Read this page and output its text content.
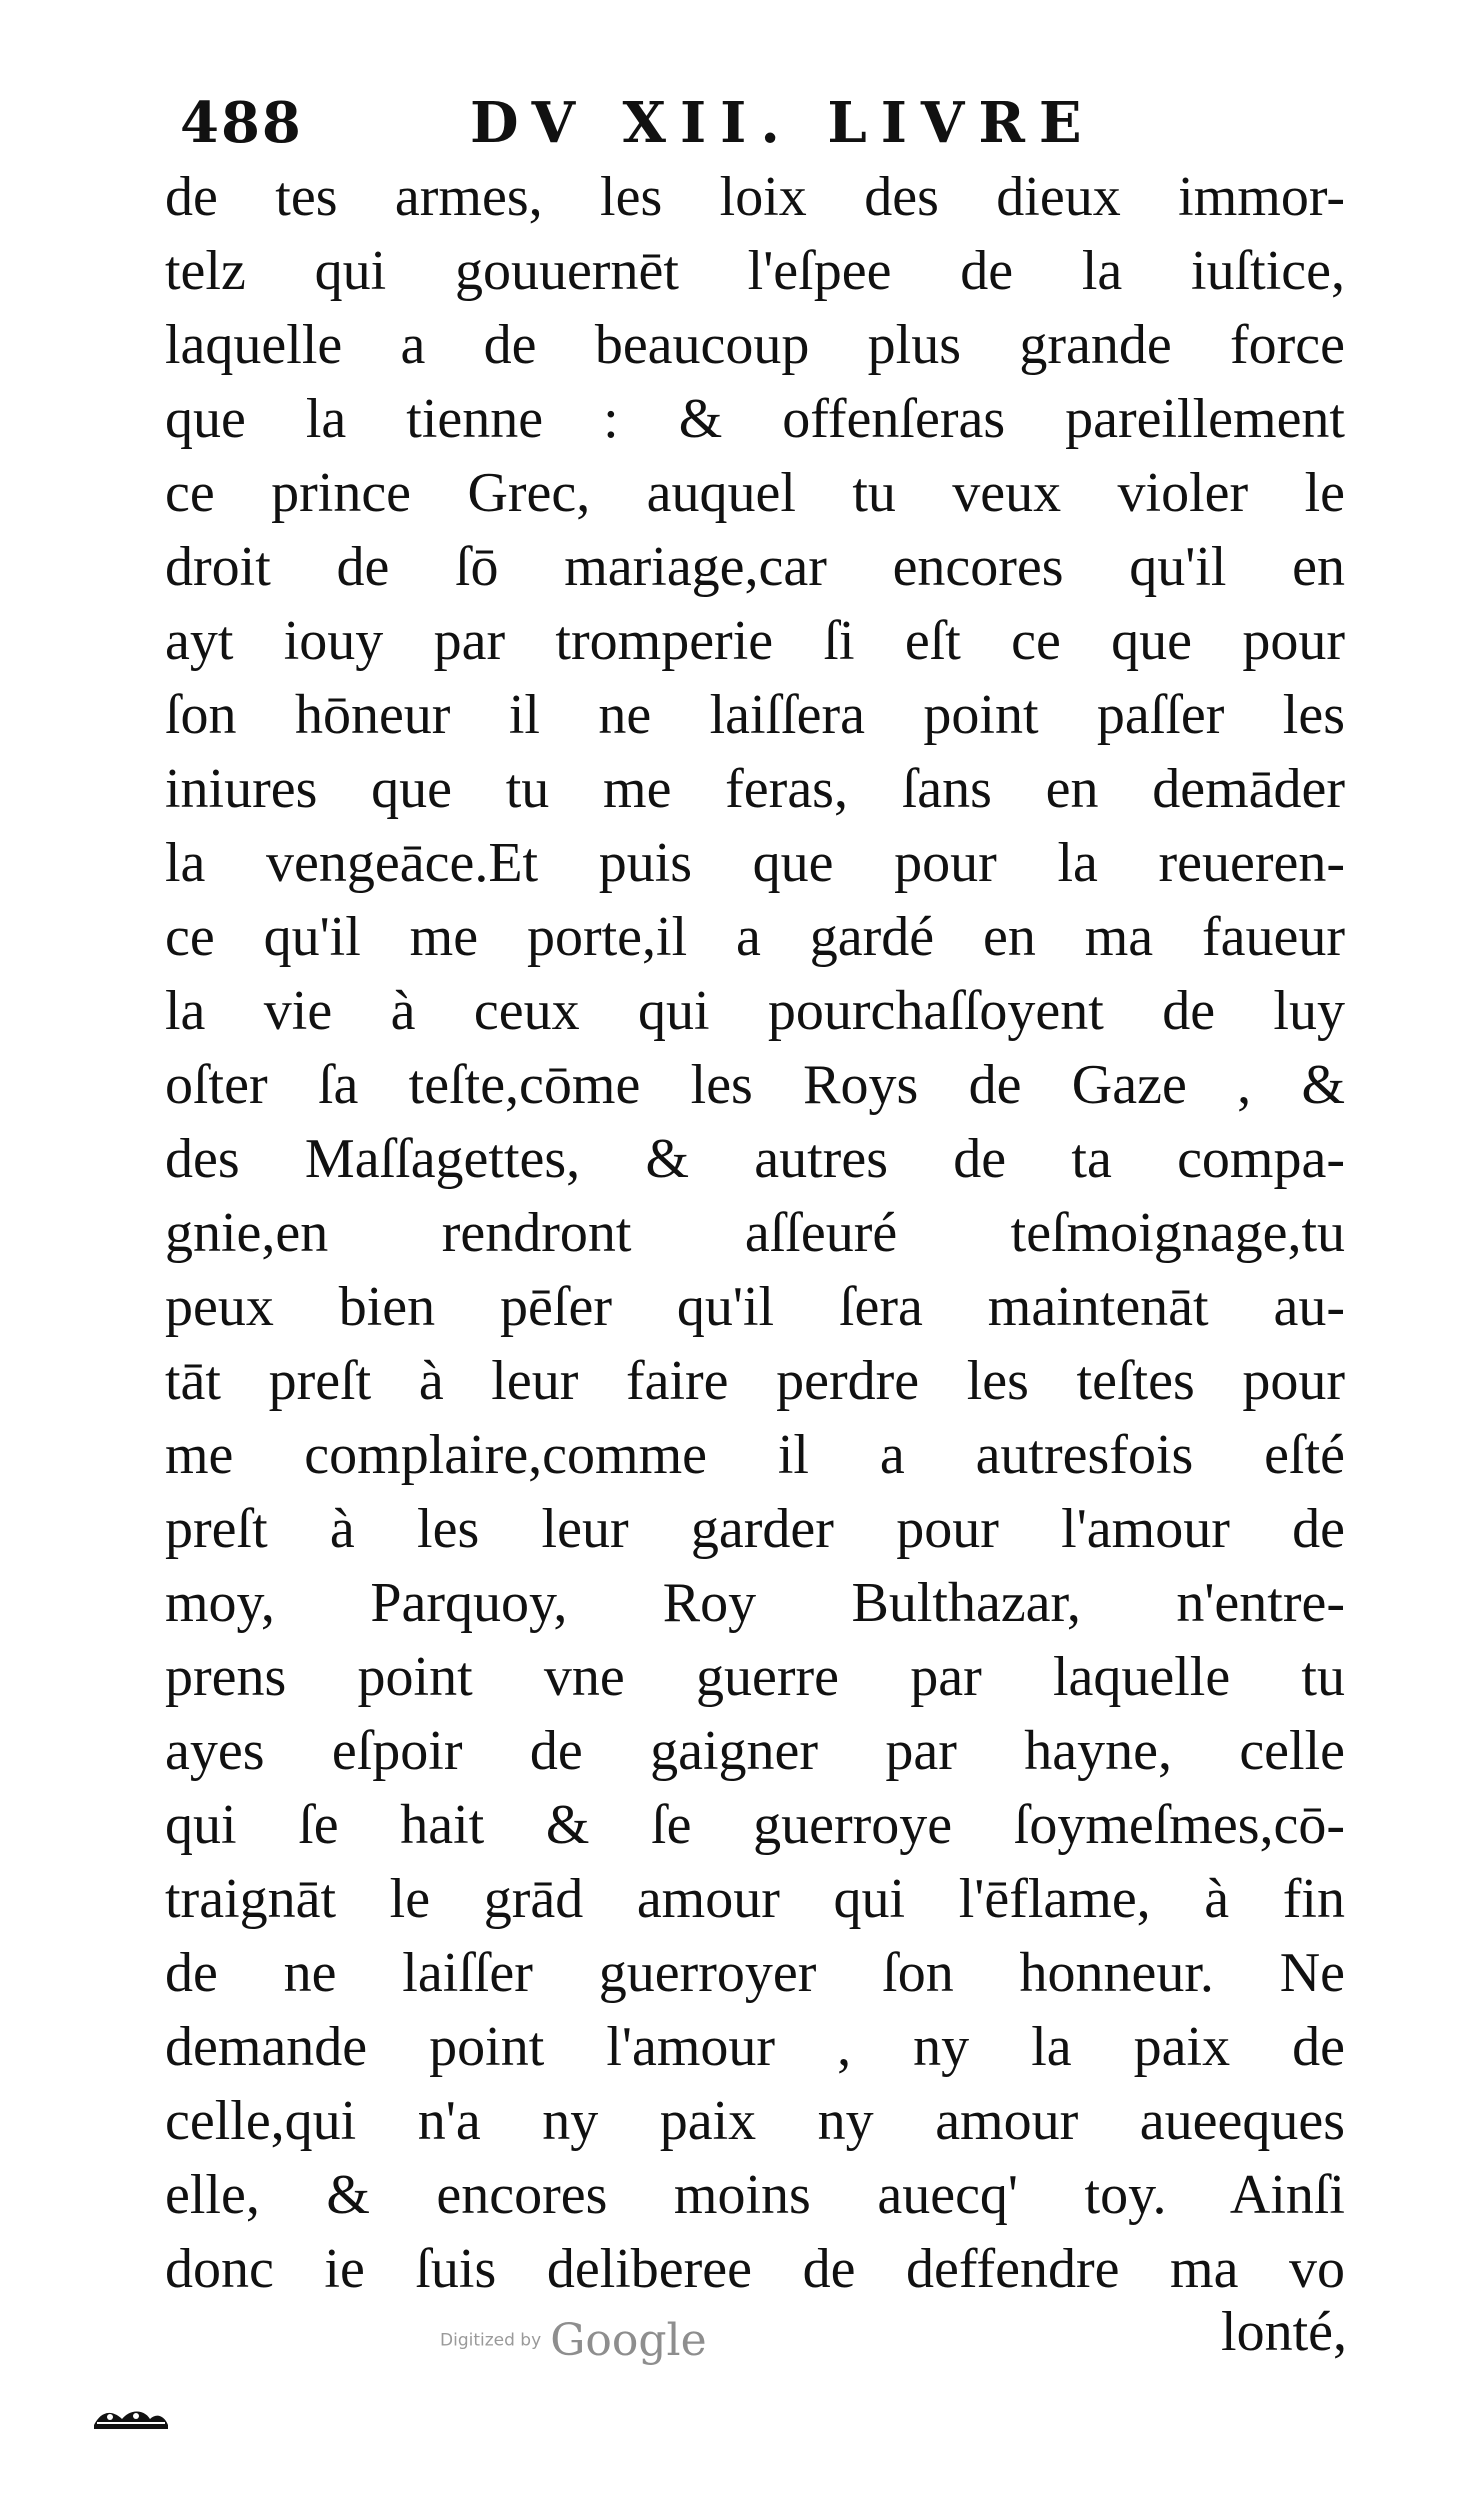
488	DV XII. LIVRE
de tes armes, les loix des dieux immor-
telz qui gouuernēt l'eſpee de la iuſtice,
laquelle a de beaucoup plus grande force
que la tienne : & offenſeras pareillement
ce prince Grec, auquel tu veux violer le
droit de ſō mariage,car encores qu'il en
ayt iouy par tromperie ſi eſt ce que pour
ſon hōneur il ne laiſſera point paſſer les
iniures que tu me feras, ſans en demāder
la vengeāce.Et puis que pour la reueren-
ce qu'il me porte,il a gardé en ma faueur
la vie à ceux qui pourchaſſoyent de luy
oſter ſa teſte,cōme les Roys de Gaze , &
des Maſſagettes, & autres de ta compa-
gnie,en rendront aſſeuré teſmoignage,tu
peux bien pēſer qu'il ſera maintenāt au-
tāt preſt à leur faire perdre les teſtes pour
me complaire,comme il a autresfois eſté
preſt à les leur garder pour l'amour de
moy, Parquoy, Roy Bulthazar, n'entre-
prens point vne guerre par laquelle tu
ayes eſpoir de gaigner par hayne, celle
qui ſe hait & ſe guerroye ſoymeſmes,cō-
traignāt le grād amour qui l'ēflame, à fin
de ne laiſſer guerroyer ſon honneur. Ne
demande point l'amour , ny la paix de
celle,qui n'a ny paix ny amour aueeques
elle, & encores moins auecq' toy. Ainſi
donc ie ſuis deliberee de deffendre ma vo
Digitized by Google	lonté,
